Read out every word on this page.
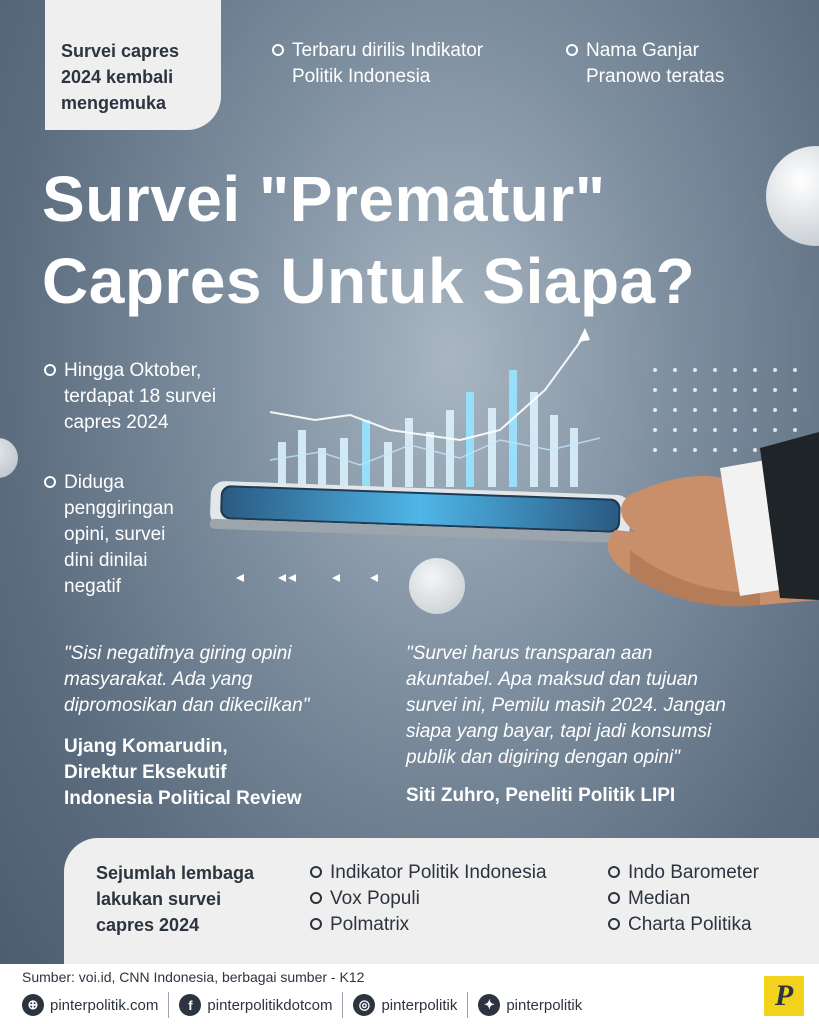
Survei capres
2024 kembali
mengemuka
Terbaru dirilis Indikator
Politik Indonesia
Nama Ganjar
Pranowo teratas
Survei "Prematur"
Capres Untuk Siapa?
Hingga Oktober,
terdapat 18 survei
capres 2024
Diduga
penggiringan
opini, survei
dini dinilai
negatif
"Sisi negatifnya giring opini
masyarakat. Ada yang
dipromosikan dan dikecilkan"
Ujang Komarudin,
Direktur Eksekutif
Indonesia Political Review
"Survei harus transparan aan
akuntabel. Apa maksud dan tujuan
survei ini, Pemilu masih 2024. Jangan
siapa yang bayar, tapi jadi konsumsi
publik dan digiring dengan opini"
Siti Zuhro, Peneliti Politik LIPI
Sejumlah lembaga
lakukan survei
capres 2024
Indikator Politik Indonesia
Vox Populi
Polmatrix
Indo Barometer
Median
Charta Politika
Sumber: voi.id, CNN Indonesia, berbagai sumber - K12
⊕ pinterpolitik.com	f pinterpolitikdotcom	◎ pinterpolitik	✦ pinterpolitik	P
